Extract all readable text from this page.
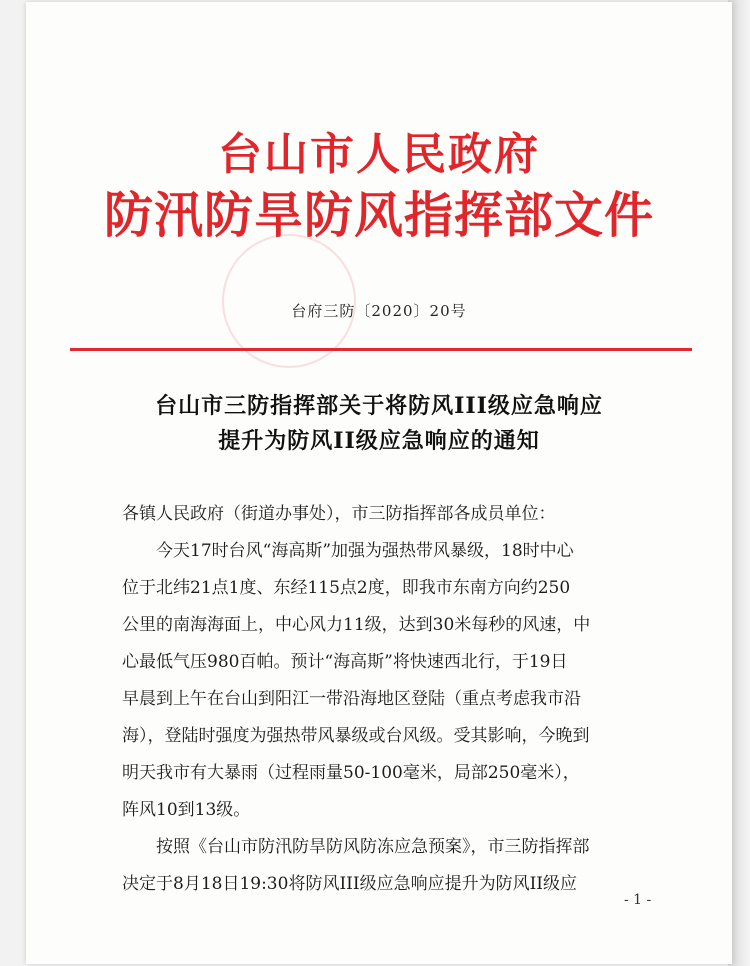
台山市人民政府
防汛防旱防风指挥部文件
台府三防〔2020〕20号
台山市三防指挥部关于将防风III级应急响应
提升为防风II级应急响应的通知
各镇人民政府（街道办事处），市三防指挥部各成员单位：
　　今天17时台风“海高斯”加强为强热带风暴级，18时中心
位于北纬21点1度、东经115点2度，即我市东南方向约250
公里的南海海面上，中心风力11级，达到30米每秒的风速，中
心最低气压980百帕。预计“海高斯”将快速西北行，于19日
早晨到上午在台山到阳江一带沿海地区登陆（重点考虑我市沿
海），登陆时强度为强热带风暴级或台风级。受其影响，今晚到
明天我市有大暴雨（过程雨量50-100毫米，局部250毫米），
阵风10到13级。
　　按照《台山市防汛防旱防风防冻应急预案》，市三防指挥部
决定于8月18日19:30将防风III级应急响应提升为防风II级应
- 1 -
